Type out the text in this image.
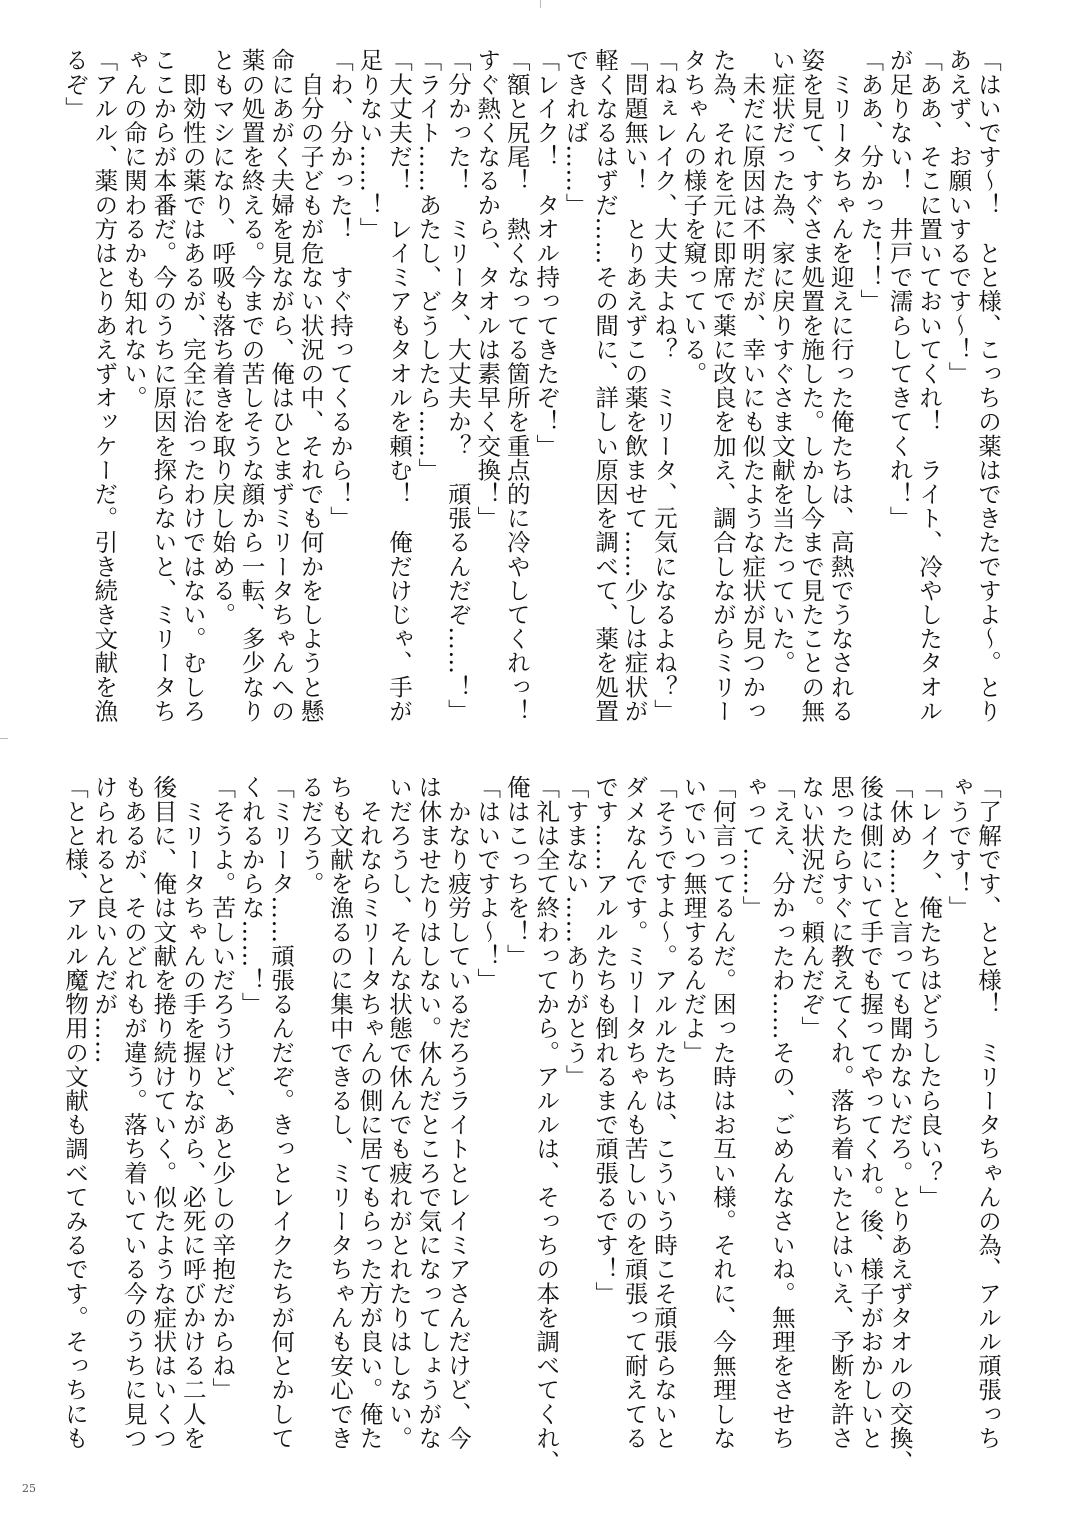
「はいです～！　とと様、こっちの薬はできたですよ～。とり
あえず、お願いするです～！」
「ああ、そこに置いておいてくれ！　ライト、冷やしたタオル
が足りない！　井戸で濡らしてきてくれ！」
「ああ、分かった！！」
　ミリータちゃんを迎えに行った俺たちは、高熱でうなされる
姿を見て、すぐさま処置を施した。しかし今まで見たことの無
い症状だった為、家に戻りすぐさま文献を当たっていた。
　未だに原因は不明だが、幸いにも似たような症状が見つかっ
た為、それを元に即席で薬に改良を加え、調合しながらミリー
タちゃんの様子を窺っている。
「ねぇレイク、大丈夫よね？　ミリータ、元気になるよね？」
「問題無い！　とりあえずこの薬を飲ませて……少しは症状が
軽くなるはずだ……その間に、詳しい原因を調べて、薬を処置
できれば……」
「レイク！　タオル持ってきたぞ！」
「額と尻尾！　熱くなってる箇所を重点的に冷やしてくれっ！
すぐ熱くなるから、タオルは素早く交換！」
「分かった！　ミリータ、大丈夫か？　頑張るんだぞ……！」
「ライト……あたし、どうしたら……」
「大丈夫だ！　レイミアもタオルを頼む！　俺だけじゃ、手が
足りない……！」
「わ、分かった！　すぐ持ってくるから！」
　自分の子どもが危ない状況の中、それでも何かをしようと懸
命にあがく夫婦を見ながら、俺はひとまずミリータちゃんへの
薬の処置を終える。今までの苦しそうな顔から一転、多少なり
ともマシになり、呼吸も落ち着きを取り戻し始める。
　即効性の薬ではあるが、完全に治ったわけではない。むしろ
ここからが本番だ。今のうちに原因を探らないと、ミリータち
ゃんの命に関わるかも知れない。
「アルル、薬の方はとりあえずオッケーだ。引き続き文献を漁
るぞ」
「了解です、とと様！　ミリータちゃんの為、アルル頑張っち
ゃうです！」
「レイク、俺たちはどうしたら良い？」
「休め……と言っても聞かないだろ。とりあえずタオルの交換、
後は側にいて手でも握ってやってくれ。後、様子がおかしいと
思ったらすぐに教えてくれ。落ち着いたとはいえ、予断を許さ
ない状況だ。頼んだぞ」
「ええ、分かったわ……その、ごめんなさいね。無理をさせち
ゃって……」
「何言ってるんだ。困った時はお互い様。それに、今無理しな
いでいつ無理するんだよ」
「そうですよ～。アルルたちは、こういう時こそ頑張らないと
ダメなんです。ミリータちゃんも苦しいのを頑張って耐えてる
です……アルルたちも倒れるまで頑張るです！」
「すまない……ありがとう」
「礼は全て終わってから。アルルは、そっちの本を調べてくれ、
俺はこっちを！」
「はいですよ～！」
　かなり疲労しているだろうライトとレイミアさんだけど、今
は休ませたりはしない。休んだところで気になってしょうがな
いだろうし、そんな状態で休んでも疲れがとれたりはしない。
　それならミリータちゃんの側に居てもらった方が良い。俺た
ちも文献を漁るのに集中できるし、ミリータちゃんも安心でき
るだろう。
「ミリータ……頑張るんだぞ。きっとレイクたちが何とかして
くれるからな……！」
「そうよ。苦しいだろうけど、あと少しの辛抱だからね」
　ミリータちゃんの手を握りながら、必死に呼びかける二人を
後目に、俺は文献を捲り続けていく。似たような症状はいくつ
もあるが、そのどれもが違う。落ち着いている今のうちに見つ
けられると良いんだが……
「とと様、アルル魔物用の文献も調べてみるです。そっちにも
25
